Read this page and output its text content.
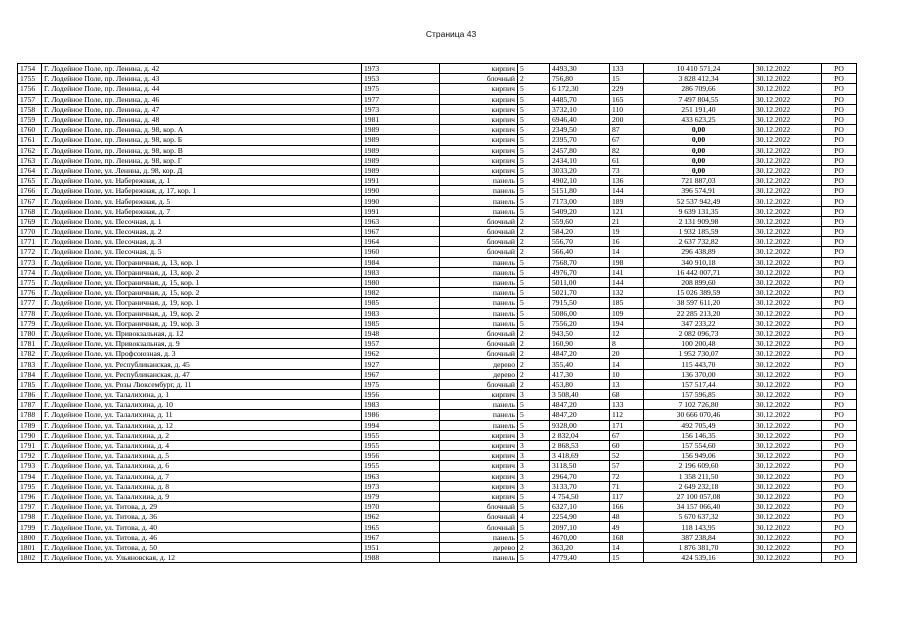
Страница 43
1754	Г. Лодейное Поле, пр. Ленина, д. 42	1973	кирпич	5	4493,30	133	10 410 571,24	30.12.2022	РО
1755	Г. Лодейное Поле, пр. Ленина, д. 43	1953	блочный	2	756,80	15	3 828 412,34	30.12.2022	РО
1756	Г. Лодейное Поле, пр. Ленина, д. 44	1975	кирпич	5	6 172,30	229	286 709,66	30.12.2022	РО
1757	Г. Лодейное Поле, пр. Ленина, д. 46	1977	кирпич	5	4485,70	165	7 497 804,55	30.12.2022	РО
1758	Г. Лодейное Поле, пр. Ленина, д. 47	1973	кирпич	5	3732,10	110	251 191,40	30.12.2022	РО
1759	Г. Лодейное Поле, пр. Ленина, д. 48	1981	кирпич	5	6946,40	200	433 623,25	30.12.2022	РО
1760	Г. Лодейное Поле, пр. Ленина, д. 98, кор. А	1989	кирпич	5	2349,50	87	0,00	30.12.2022	РО
1761	Г. Лодейное Поле, пр. Ленина, д. 98, кор. Б	1989	кирпич	5	2395,70	67	0,00	30.12.2022	РО
1762	Г. Лодейное Поле, пр. Ленина, д. 98, кор. В	1989	кирпич	5	2457,80	82	0,00	30.12.2022	РО
1763	Г. Лодейное Поле, пр. Ленина, д. 98, кор. Г	1989	кирпич	5	2434,10	61	0,00	30.12.2022	РО
1764	Г. Лодейное Поле, ул. Ленина, д. 98, кор. Д	1989	кирпич	5	3033,20	73	0,00	30.12.2022	РО
1765	Г. Лодейное Поле, ул. Набережная, д. 1	1991	панель	5	4902,10	136	721 887,03	30.12.2022	РО
1766	Г. Лодейное Поле, ул. Набережная, д. 17, кор. 1	1990	панель	5	5151,80	144	396 574,91	30.12.2022	РО
1767	Г. Лодейное Поле, ул. Набережная, д. 5	1990	панель	5	7173,00	189	52 537 942,49	30.12.2022	РО
1768	Г. Лодейное Поле, ул. Набережная, д. 7	1991	панель	5	5409,20	121	9 639 131,35	30.12.2022	РО
1769	Г. Лодейное Поле, ул. Песочная, д. 1	1963	блочный	2	559,60	21	2 131 909,98	30.12.2022	РО
1770	Г. Лодейное Поле, ул. Песочная, д. 2	1967	блочный	2	584,20	19	1 932 185,59	30.12.2022	РО
1771	Г. Лодейное Поле, ул. Песочная, д. 3	1964	блочный	2	556,70	16	2 637 732,82	30.12.2022	РО
1772	Г. Лодейное Поле, ул. Песочная, д. 5	1960	блочный	2	566,40	14	296 438,89	30.12.2022	РО
1773	Г. Лодейное Поле, ул. Пограничная, д. 13, кор. 1	1984	панель	5	7568,70	198	340 910,18	30.12.2022	РО
1774	Г. Лодейное Поле, ул. Пограничная, д. 13, кор. 2	1983	панель	5	4976,70	141	16 442 007,71	30.12.2022	РО
1775	Г. Лодейное Поле, ул. Пограничная, д. 15, кор. 1	1980	панель	5	5011,00	144	208 899,60	30.12.2022	РО
1776	Г. Лодейное Поле, ул. Пограничная, д. 15, кор. 2	1982	панель	5	5021,70	132	15 026 389,59	30.12.2022	РО
1777	Г. Лодейное Поле, ул. Пограничная, д. 19, кор. 1	1985	панель	5	7915,50	185	38 597 611,20	30.12.2022	РО
1778	Г. Лодейное Поле, ул. Пограничная, д. 19, кор. 2	1983	панель	5	5086,00	109	22 285 213,20	30.12.2022	РО
1779	Г. Лодейное Поле, ул. Пограничная, д. 19, кор. 3	1985	панель	5	7556,20	194	347 233,22	30.12.2022	РО
1780	Г. Лодейное Поле, ул. Привокзальная, д. 12	1948	блочный	2	943,50	12	2 082 096,73	30.12.2022	РО
1781	Г. Лодейное Поле, ул. Привокзальная, д. 9	1957	блочный	2	160,90	8	100 200,48	30.12.2022	РО
1782	Г. Лодейное Поле, ул. Профсоюзная, д. 3	1962	блочный	2	4847,20	20	1 952 730,07	30.12.2022	РО
1783	Г. Лодейное Поле, ул. Республиканская, д. 45	1927	дерево	2	355,40	14	115 443,70	30.12.2022	РО
1784	Г. Лодейное Поле, ул. Республиканская, д. 47	1967	дерево	2	417,30	10	136 370,00	30.12.2022	РО
1785	Г. Лодейное Поле, ул. Розы Люксембург, д. 11	1975	блочный	2	453,80	13	157 517,44	30.12.2022	РО
1786	Г. Лодейное Поле, ул. Талалихина, д. 1	1956	кирпич	3	3 508,40	68	157 596,85	30.12.2022	РО
1787	Г. Лодейное Поле, ул. Талалихина, д. 10	1983	панель	5	4847,20	133	7 102 726,80	30.12.2022	РО
1788	Г. Лодейное Поле, ул. Талалихина, д. 11	1986	панель	5	4847,20	112	30 666 070,46	30.12.2022	РО
1789	Г. Лодейное Поле, ул. Талалихина, д. 12	1994	панель	5	9328,00	171	492 705,49	30.12.2022	РО
1790	Г. Лодейное Поле, ул. Талалихина, д. 2	1955	кирпич	3	2 832,04	67	156 146,35	30.12.2022	РО
1791	Г. Лодейное Поле, ул. Талалихина, д. 4	1955	кирпич	3	2 868,53	60	157 554,60	30.12.2022	РО
1792	Г. Лодейное Поле, ул. Талалихина, д. 5	1956	кирпич	3	3 418,69	52	156 949,06	30.12.2022	РО
1793	Г. Лодейное Поле, ул. Талалихина, д. 6	1955	кирпич	3	3118,50	57	2 196 609,60	30.12.2022	РО
1794	Г. Лодейное Поле, ул. Талалихина, д. 7	1963	кирпич	3	2964,70	72	1 358 211,50	30.12.2022	РО
1795	Г. Лодейное Поле, ул. Талалихина, д. 8	1973	кирпич	3	3133,70	71	2 649 232,18	30.12.2022	РО
1796	Г. Лодейное Поле, ул. Талалихина, д. 9	1979	кирпич	5	4 754,50	117	27 100 057,08	30.12.2022	РО
1797	Г. Лодейное Поле, ул. Титова, д. 29	1970	блочный	5	6327,10	166	34 157 066,40	30.12.2022	РО
1798	Г. Лодейное Поле, ул. Титова, д. 36	1962	блочный	4	2254,90	48	5 670 637,32	30.12.2022	РО
1799	Г. Лодейное Поле, ул. Титова, д. 40	1965	блочный	5	2097,10	49	118 143,95	30.12.2022	РО
1800	Г. Лодейное Поле, ул. Титова, д. 46	1967	панель	5	4670,00	168	387 238,84	30.12.2022	РО
1801	Г. Лодейное Поле, ул. Титова, д. 50	1951	дерево	2	363,20	14	1 876 381,70	30.12.2022	РО
1802	Г. Лодейное Поле, ул. Ульяновская, д. 12	1988	панель	5	4779,40	15	424 539,16	30.12.2022	РО
